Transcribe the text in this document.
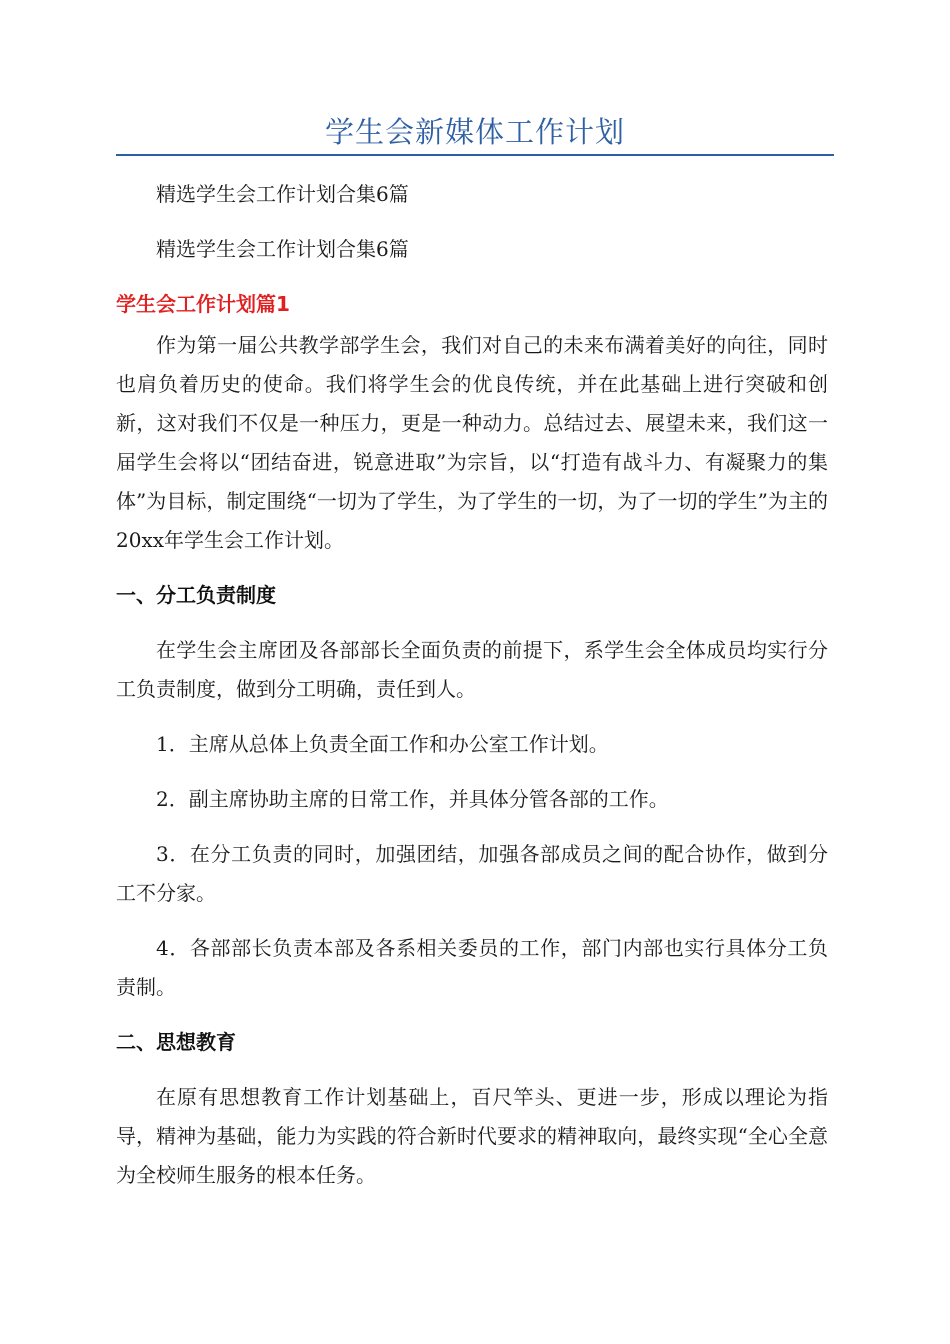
学生会新媒体工作计划

精选学生会工作计划合集6篇

精选学生会工作计划合集6篇

学生会工作计划篇1

作为第一届公共教学部学生会，我们对自己的未来布满着美好的向往，同时也肩负着历史的使命。我们将学生会的优良传统，并在此基础上进行突破和创新，这对我们不仅是一种压力，更是一种动力。总结过去、展望未来，我们这一届学生会将以“团结奋进，锐意进取”为宗旨，以“打造有战斗力、有凝聚力的集体”为目标，制定围绕“一切为了学生，为了学生的一切，为了一切的学生”为主的20xx年学生会工作计划。

一、分工负责制度

在学生会主席团及各部部长全面负责的前提下，系学生会全体成员均实行分工负责制度，做到分工明确，责任到人。

1．主席从总体上负责全面工作和办公室工作计划。

2．副主席协助主席的日常工作，并具体分管各部的工作。

3．在分工负责的同时，加强团结，加强各部成员之间的配合协作，做到分工不分家。

4．各部部长负责本部及各系相关委员的工作，部门内部也实行具体分工负责制。

二、思想教育

在原有思想教育工作计划基础上，百尺竿头、更进一步，形成以理论为指导，精神为基础，能力为实践的符合新时代要求的精神取向，最终实现“全心全意为全校师生服务的根本任务。
